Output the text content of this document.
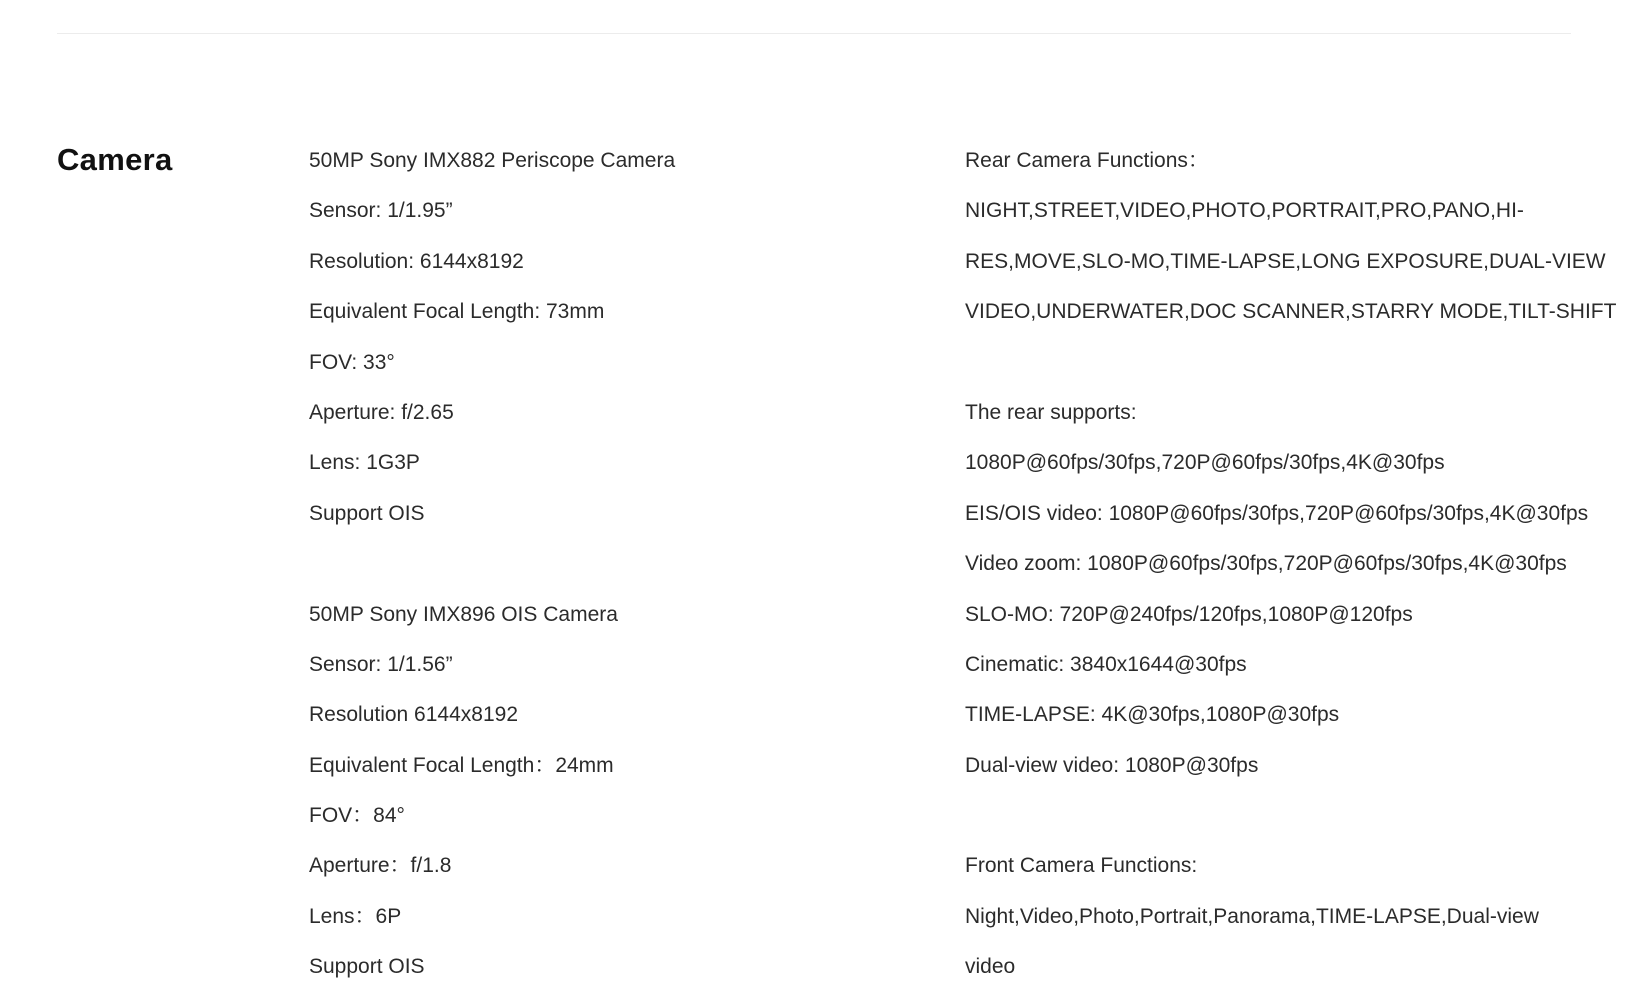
Camera	50MP Sony IMX882 Periscope Camera
Sensor: 1/1.95”
Resolution: 6144x8192
Equivalent Focal Length: 73mm
FOV: 33°
Aperture: f/2.65
Lens: 1G3P
Support OIS
50MP Sony IMX896 OIS Camera
Sensor: 1/1.56”
Resolution 6144x8192
Equivalent Focal Length：24mm
FOV：84°
Aperture：f/1.8
Lens：6P
Support OIS
Rear Camera Functions：
NIGHT,STREET,VIDEO,PHOTO,PORTRAIT,PRO,PANO,HI-
RES,MOVE,SLO-MO,TIME-LAPSE,LONG EXPOSURE,DUAL-VIEW
VIDEO,UNDERWATER,DOC SCANNER,STARRY MODE,TILT-SHIFT
The rear supports:
1080P@60fps/30fps,720P@60fps/30fps,4K@30fps
EIS/OIS video: 1080P@60fps/30fps,720P@60fps/30fps,4K@30fps
Video zoom: 1080P@60fps/30fps,720P@60fps/30fps,4K@30fps
SLO-MO: 720P@240fps/120fps,1080P@120fps
Cinematic: 3840x1644@30fps
TIME-LAPSE: 4K@30fps,1080P@30fps
Dual-view video: 1080P@30fps
Front Camera Functions:
Night,Video,Photo,Portrait,Panorama,TIME-LAPSE,Dual-view
video
